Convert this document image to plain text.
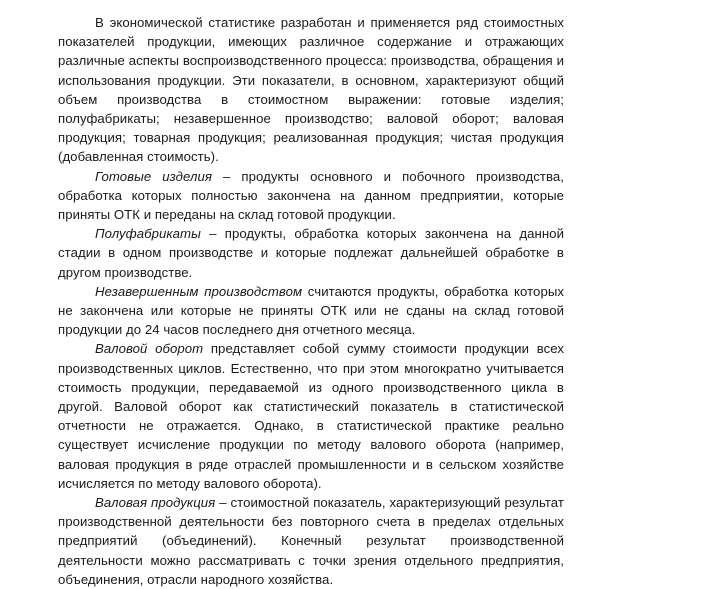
В экономической статистике разработан и применяется ряд стоимостных показателей продукции, имеющих различное содержание и отражающих различные аспекты воспроизводственного процесса: производства, обращения и использования продукции. Эти показатели, в основном, характеризуют общий объем производства в стоимостном выражении: готовые изделия; полуфабрикаты; незавершенное производство; валовой оборот; валовая продукция; товарная продукция; реализованная продукция; чистая продукция (добавленная стоимость).

Готовые изделия – продукты основного и побочного производства, обработка которых полностью закончена на данном предприятии, которые приняты ОТК и переданы на склад готовой продукции.

Полуфабрикаты – продукты, обработка которых закончена на данной стадии в одном производстве и которые подлежат дальнейшей обработке в другом производстве.

Незавершенным производством считаются продукты, обработка которых не закончена или которые не приняты ОТК или не сданы на склад готовой продукции до 24 часов последнего дня отчетного месяца.

Валовой оборот представляет собой сумму стоимости продукции всех производственных циклов. Естественно, что при этом многократно учитывается стоимость продукции, передаваемой из одного производственного цикла в другой. Валовой оборот как статистический показатель в статистической отчетности не отражается. Однако, в статистической практике реально существует исчисление продукции по методу валового оборота (например, валовая продукция в ряде отраслей промышленности и в сельском хозяйстве исчисляется по методу валового оборота).

Валовая продукция – стоимостной показатель, характеризующий результат производственной деятельности без повторного счета в пределах отдельных предприятий (объединений). Конечный результат производственной деятельности можно рассматривать с точки зрения отдельного предприятия, объединения, отрасли народного хозяйства.
